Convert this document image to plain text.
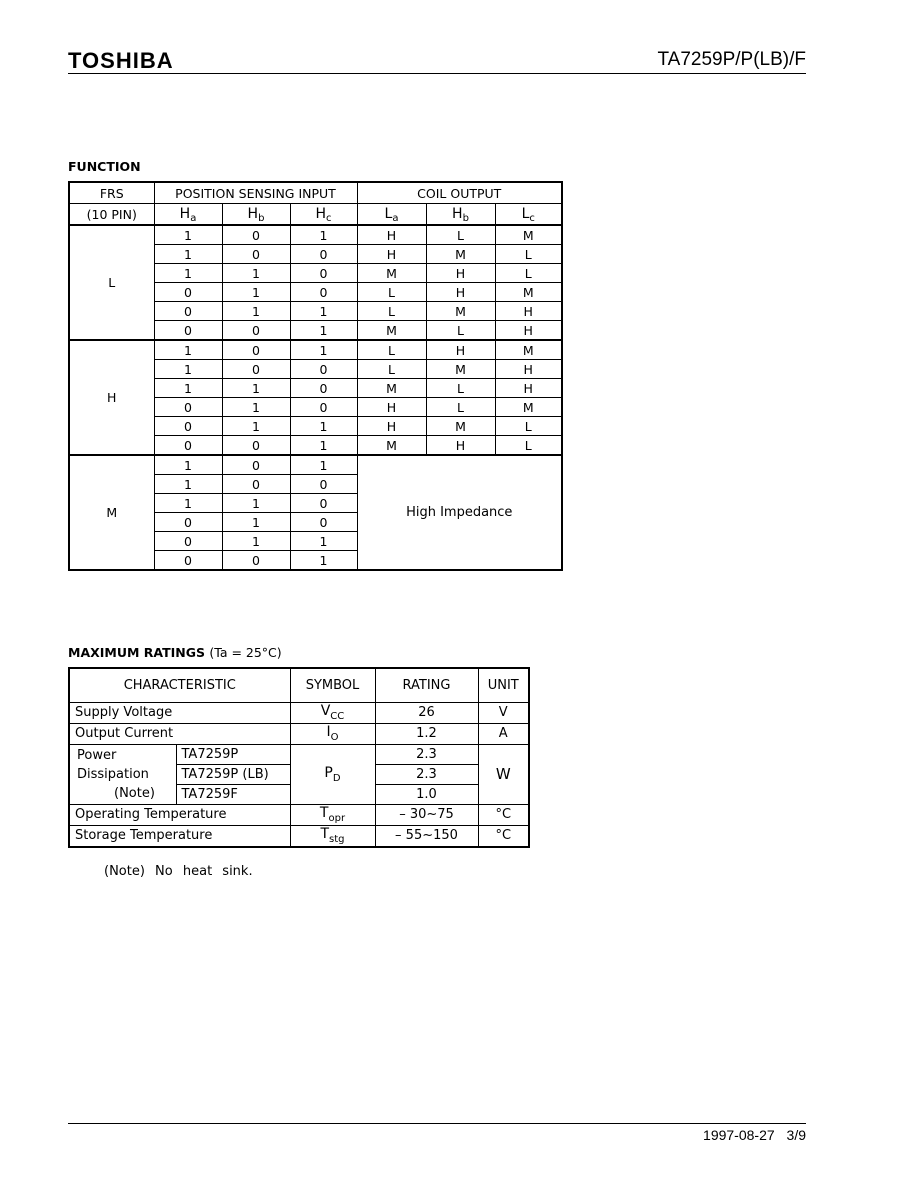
TOSHIBA	TA7259P/P(LB)/F
FUNCTION
FRS	POSITION SENSING INPUT			COIL OUTPUT		
(10 PIN)	$H_a$	$H_b$	$H_c$	$L_a$	$H_b$	$L_c$
L	1	0	1	H	L	M
	1	0	0	H	M	L
	1	1	0	M	H	L
	0	1	0	L	H	M
	0	1	1	L	M	H
	0	0	1	M	L	H
H	1	0	1	L	H	M
	1	0	0	L	M	H
	1	1	0	M	L	H
	0	1	0	H	L	M
	0	1	1	H	M	L
	0	0	1	M	H	L
M	1	0	1	High Impedance		
	1	0	0			
	1	1	0			
	0	1	0			
	0	1	1			
	0	0	1			
MAXIMUM RATINGS (Ta = 25°C)
CHARACTERISTIC		SYMBOL	RATING	UNIT
Supply Voltage		$V_{CC}$	26	V
Output Current		$I_O$	1.2	A

Power
Dissipation
(Note)	TA7259P	$P_D$	2.3	W
	TA7259P (LB)		2.3	
	TA7259F		1.0	
Operating Temperature		$T_{opr}$	– 30~75	°C
Storage Temperature		$T_{stg}$	– 55~150	°C
(Note) No heat sink.
1997-08-27 3/9
